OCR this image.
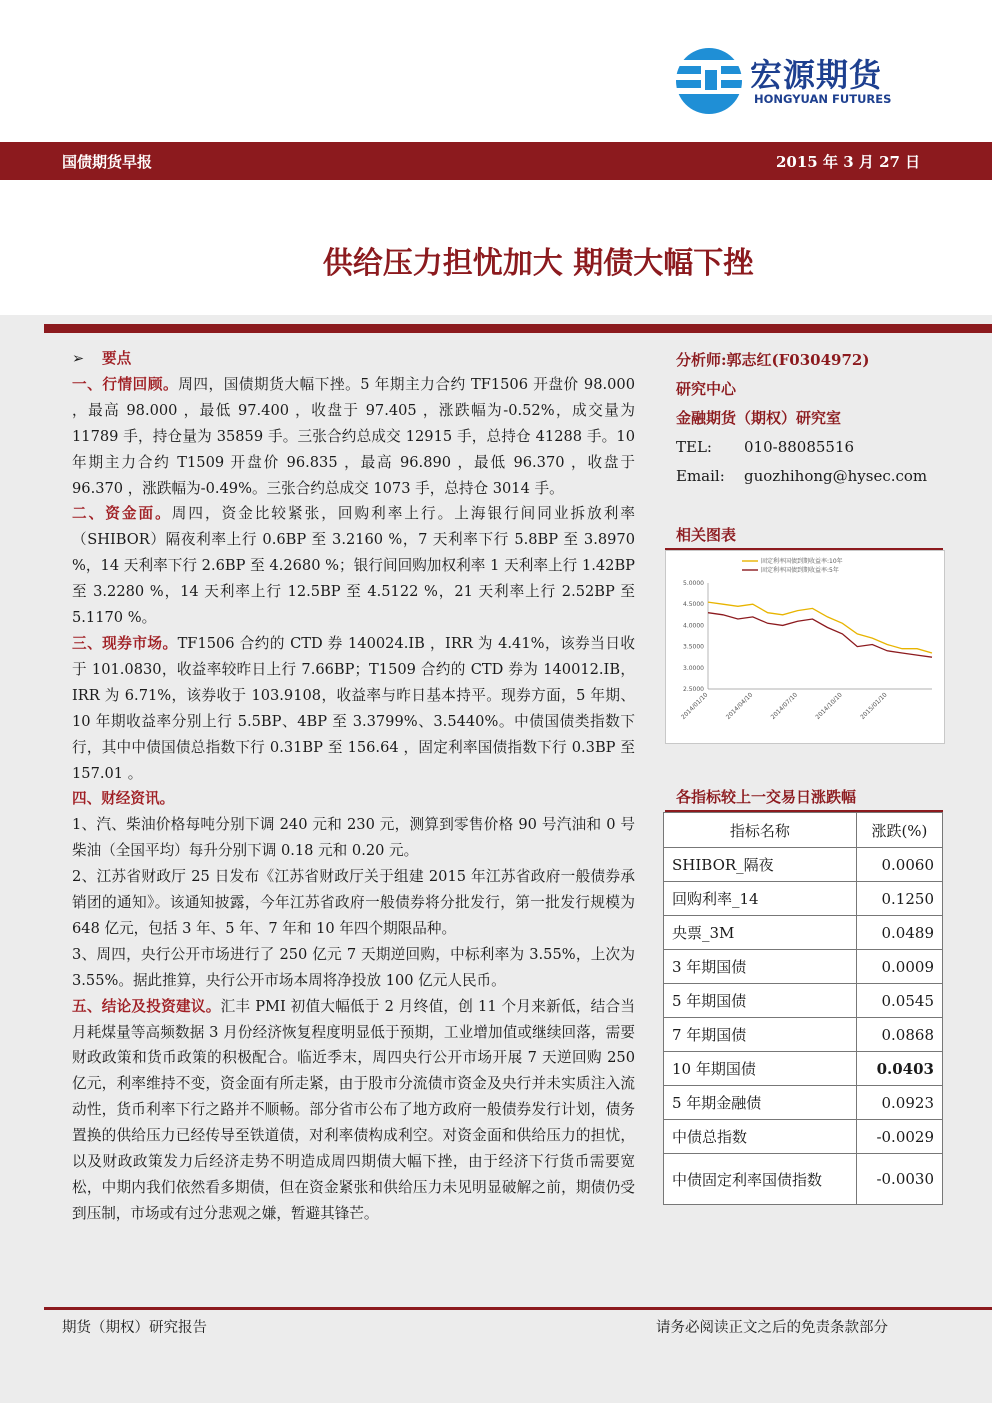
宏源期货
HONGYUAN FUTURES
国债期货早报	2015 年 3 月 27 日
供给压力担忧加大 期债大幅下挫

➢ 要点

一、行情回顾。周四，国债期货大幅下挫。5 年期主力合约 TF1506 开盘价 98.000 ，最高 98.000 ，最低 97.400 ，收盘于 97.405 ，涨跌幅为-0.52%，成交量为 11789 手，持仓量为 35859 手。三张合约总成交 12915 手，总持仓 41288 手。10 年期主力合约 T1509 开盘价 96.835 ，最高 96.890 ，最低 96.370 ，收盘于 96.370 ，涨跌幅为-0.49%。三张合约总成交 1073 手，总持仓 3014 手。

二、资金面。周四，资金比较紧张，回购利率上行。上海银行间同业拆放利率（SHIBOR）隔夜利率上行 0.6BP 至 3.2160 %，7 天利率下行 5.8BP 至 3.8970 %，14 天利率下行 2.6BP 至 4.2680 %；银行间回购加权利率 1 天利率上行 1.42BP 至 3.2280 %，14 天利率上行 12.5BP 至 4.5122 %，21 天利率上行 2.52BP 至 5.1170 %。

三、现券市场。TF1506 合约的 CTD 券 140024.IB ，IRR 为 4.41%，该券当日收于 101.0830，收益率较昨日上行 7.66BP；T1509 合约的 CTD 券为 140012.IB，IRR 为 6.71%，该券收于 103.9108，收益率与昨日基本持平。现券方面，5 年期、10 年期收益率分别上行 5.5BP、4BP 至 3.3799%、3.5440%。中债国债类指数下行，其中中债国债总指数下行 0.31BP 至 156.64 ，固定利率国债指数下行 0.3BP 至 157.01 。

四、财经资讯。

1、汽、柴油价格每吨分别下调 240 元和 230 元，测算到零售价格 90 号汽油和 0 号柴油（全国平均）每升分别下调 0.18 元和 0.20 元。

2、江苏省财政厅 25 日发布《江苏省财政厅关于组建 2015 年江苏省政府一般债券承销团的通知》。该通知披露，今年江苏省政府一般债券将分批发行，第一批发行规模为 648 亿元，包括 3 年、5 年、7 年和 10 年四个期限品种。

3、周四，央行公开市场进行了 250 亿元 7 天期逆回购，中标利率为 3.55%，上次为 3.55%。据此推算，央行公开市场本周将净投放 100 亿元人民币。

五、结论及投资建议。汇丰 PMI 初值大幅低于 2 月终值，创 11 个月来新低，结合当月耗煤量等高频数据 3 月份经济恢复程度明显低于预期，工业增加值或继续回落，需要财政政策和货币政策的积极配合。临近季末，周四央行公开市场开展 7 天逆回购 250 亿元，利率维持不变，资金面有所走紧，由于股市分流债市资金及央行并未实质注入流动性，货币利率下行之路并不顺畅。部分省市公布了地方政府一般债券发行计划，债务置换的供给压力已经传导至铁道债，对利率债构成利空。对资金面和供给压力的担忧，以及财政政策发力后经济走势不明造成周四期债大幅下挫，由于经济下行货币需要宽松，中期内我们依然看多期债，但在资金紧张和供给压力未见明显破解之前，期债仍受到压制，市场或有过分悲观之嫌，暂避其锋芒。

分析师:郭志红(F0304972)
研究中心
金融期货（期权）研究室
TEL: 010-88085516
Email: guozhihong@hysec.com
相关图表
5.0000
4.5000
4.0000
3.5000
3.0000
2.5000
2014/01/10	2014/04/10	2014/07/10	2014/10/10	2015/01/10
固定利率国债到期收益率:10年
固定利率国债到期收益率:5年
各指标较上一交易日涨跌幅
指标名称	涨跌(%)
SHIBOR_隔夜	0.0060
回购利率_14	0.1250
央票_3M	0.0489
3 年期国债	0.0009
5 年期国债	0.0545
7 年期国债	0.0868
10 年期国债	0.0403
5 年期金融债	0.0923
中债总指数	-0.0029
中债固定利率国债指数	-0.0030
期货（期权）研究报告	请务必阅读正文之后的免责条款部分
